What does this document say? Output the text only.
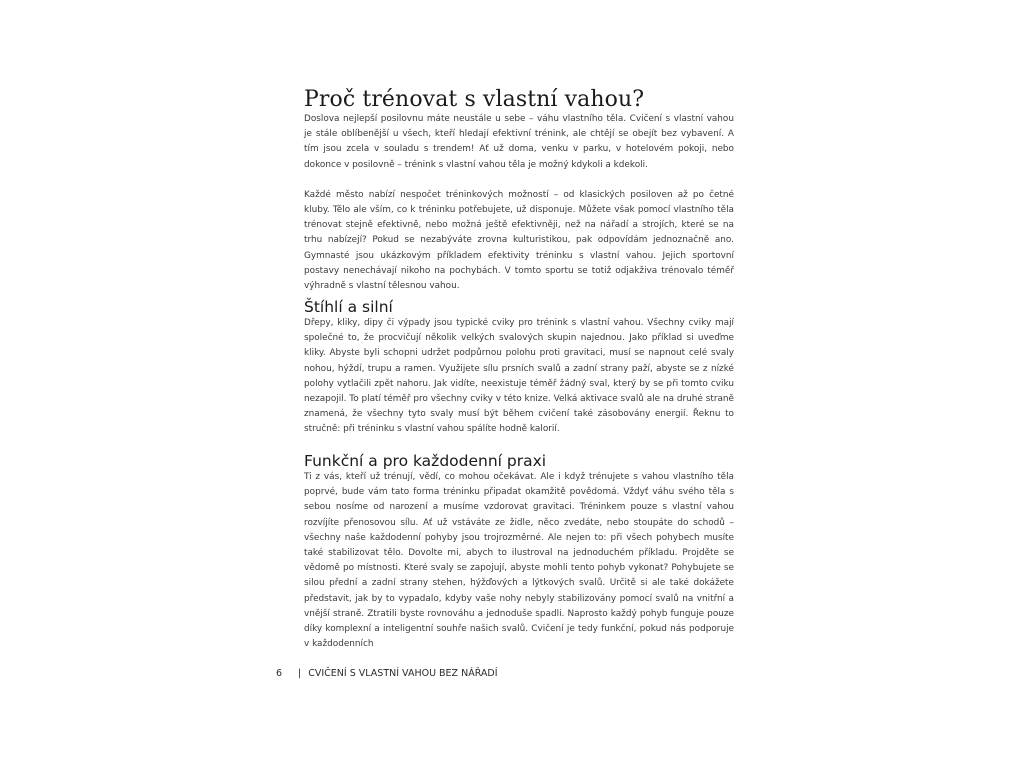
Proč trénovat s vlastní vahou?

Doslova nejlepší posilovnu máte neustále u sebe – váhu vlastního těla. Cvičení s vlastní vahou je stále oblíbenější u všech, kteří hledají efektivní trénink, ale chtějí se obejít bez vybavení. A tím jsou zcela v souladu s trendem! Ať už doma, venku v parku, v hotelovém pokoji, nebo dokonce v posilovně – trénink s vlastní vahou těla je možný kdykoli a kdekoli.

Každé město nabízí nespočet tréninkových možností – od klasických posiloven až po četné kluby. Tělo ale vším, co k tréninku potřebujete, už disponuje. Můžete však pomocí vlastního těla trénovat stejně efektivně, nebo možná ještě efektivněji, než na nářadí a strojích, které se na trhu nabízejí? Pokud se nezabýváte zrovna kulturistikou, pak odpovídám jednoznačně ano. Gymnasté jsou ukázkovým příkladem efektivity tréninku s vlastní vahou. Jejich sportovní postavy nenechávají nikoho na pochybách. V tomto sportu se totiž odjakživa trénovalo téměř výhradně s vlastní tělesnou vahou.

Štíhlí a silní

Dřepy, kliky, dipy či výpady jsou typické cviky pro trénink s vlastní vahou. Všechny cviky mají společné to, že procvičují několik velkých svalových skupin najednou. Jako příklad si uveďme kliky. Abyste byli schopni udržet podpůrnou polohu proti gravitaci, musí se napnout celé svaly nohou, hýždí, trupu a ramen. Využijete sílu prsních svalů a zadní strany paží, abyste se z nízké polohy vytlačili zpět nahoru. Jak vidíte, neexistuje téměř žádný sval, který by se při tomto cviku nezapojil. To platí téměř pro všechny cviky v této knize. Velká aktivace svalů ale na druhé straně znamená, že všechny tyto svaly musí být během cvičení také zásobovány energií. Řeknu to stručně: při tréninku s vlastní vahou spálíte hodně kalorií.

Funkční a pro každodenní praxi

Ti z vás, kteří už trénují, vědí, co mohou očekávat. Ale i když trénujete s vahou vlastního těla poprvé, bude vám tato forma tréninku připadat okamžitě povědomá. Vždyť váhu svého těla s sebou nosíme od narození a musíme vzdorovat gravitaci. Tréninkem pouze s vlastní vahou rozvíjíte přenosovou sílu. Ať už vstáváte ze židle, něco zvedáte, nebo stoupáte do schodů – všechny naše každodenní pohyby jsou trojrozměrné. Ale nejen to: při všech pohybech musíte také stabilizovat tělo. Dovolte mi, abych to ilustroval na jednoduchém příkladu. Projděte se vědomě po místnosti. Které svaly se zapojují, abyste mohli tento pohyb vykonat? Pohybujete se silou přední a zadní strany stehen, hýžďových a lýtkových svalů. Určitě si ale také dokážete představit, jak by to vypadalo, kdyby vaše nohy nebyly stabilizovány pomocí svalů na vnitřní a vnější straně. Ztratili byste rovnováhu a jednoduše spadli. Naprosto každý pohyb funguje pouze díky komplexní a inteligentní souhře našich svalů. Cvičení je tedy funkční, pokud nás podporuje v každodenních

6 | CVIČENÍ S VLASTNÍ VAHOU BEZ NÁŘADÍ
